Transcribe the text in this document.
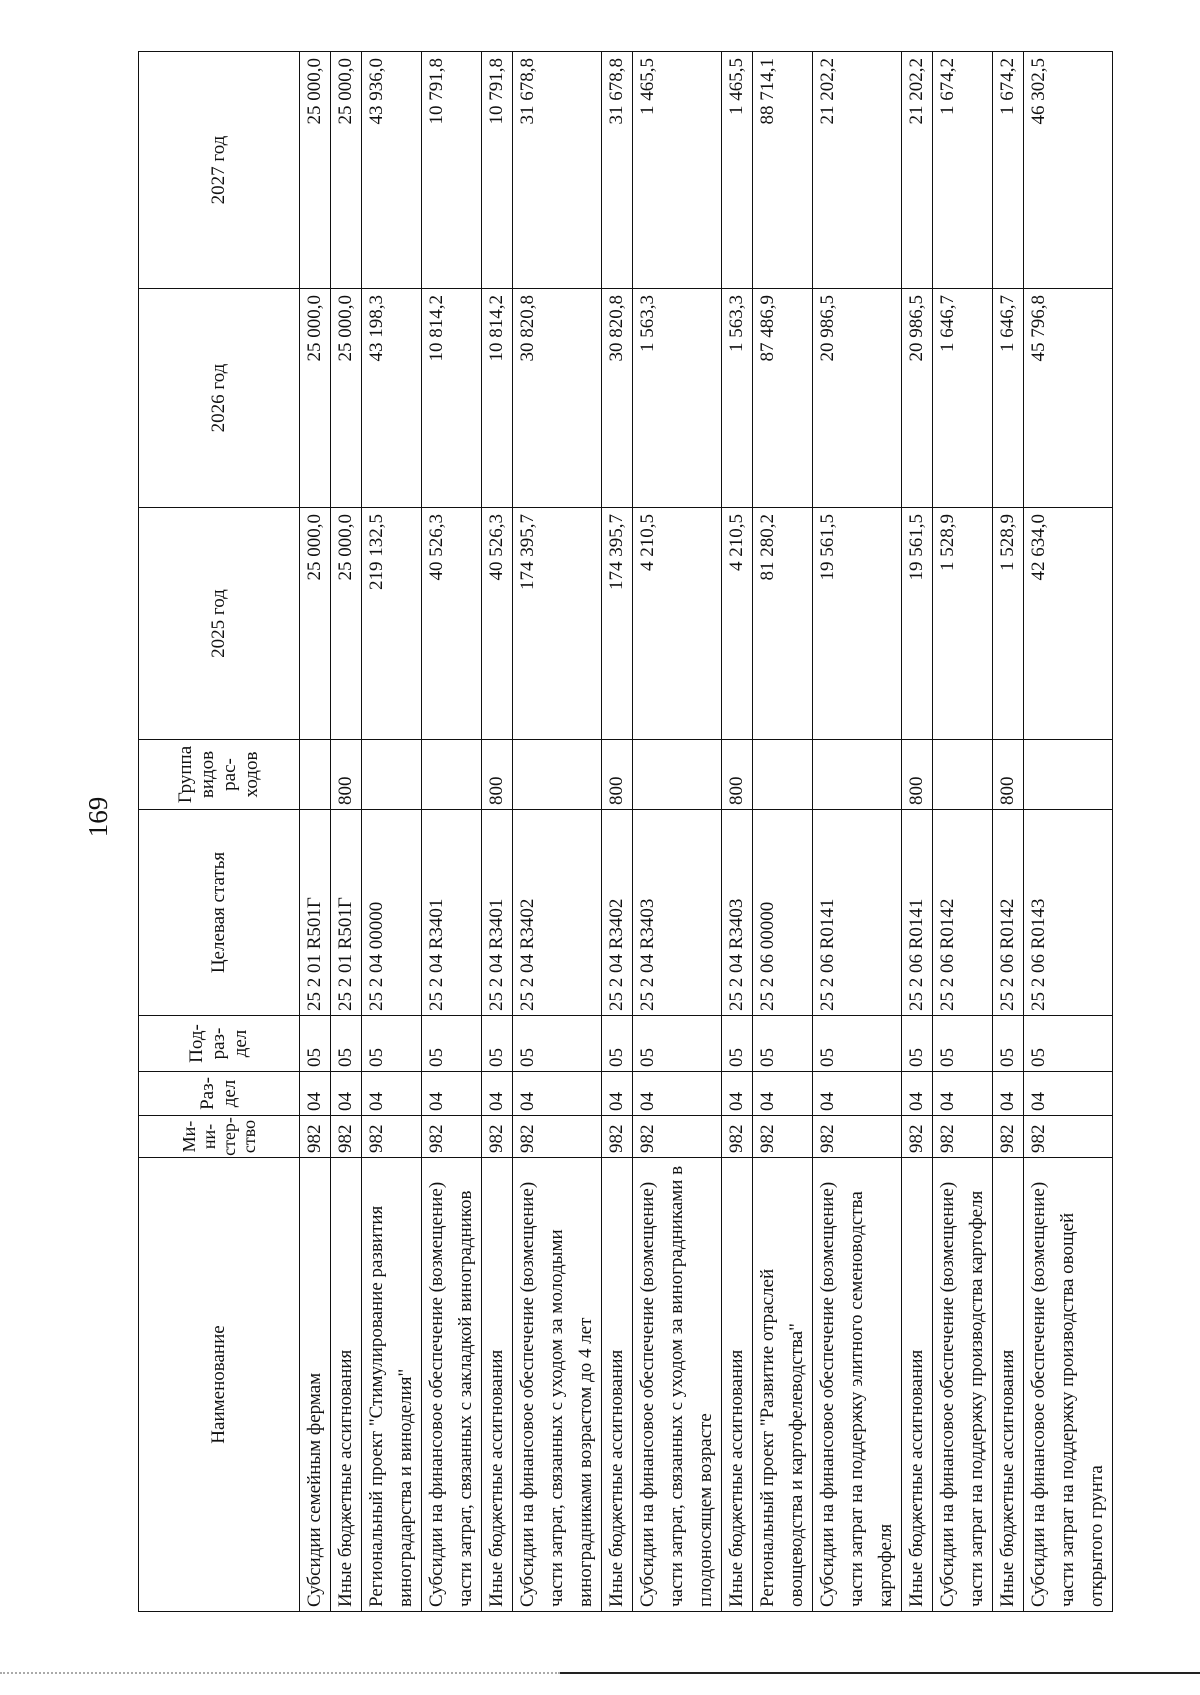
169
Наименование	Ми-
ни-
стер-
ство	Раз-
дел	Под-
раз-
дел	Целевая статья	Группа
видов
рас-
ходов	2025 год	2026 год	2027 год
Субсидии семейным фермам	982	04	05	25 2 01 R501Г		25 000,0	25 000,0	25 000,0
Иные бюджетные ассигнования	982	04	05	25 2 01 R501Г	800	25 000,0	25 000,0	25 000,0
Региональный проект "Стимулирование развития виноградарства и виноделия"	982	04	05	25 2 04 00000		219 132,5	43 198,3	43 936,0
Субсидии на финансовое обеспечение (возмещение) части затрат, связанных с закладкой виноградников	982	04	05	25 2 04 R3401		40 526,3	10 814,2	10 791,8
Иные бюджетные ассигнования	982	04	05	25 2 04 R3401	800	40 526,3	10 814,2	10 791,8
Субсидии на финансовое обеспечение (возмещение) части затрат, связанных с уходом за молодыми виноградниками возрастом до 4 лет	982	04	05	25 2 04 R3402		174 395,7	30 820,8	31 678,8
Иные бюджетные ассигнования	982	04	05	25 2 04 R3402	800	174 395,7	30 820,8	31 678,8
Субсидии на финансовое обеспечение (возмещение) части затрат, связанных с уходом за виноградниками в плодоносящем возрасте	982	04	05	25 2 04 R3403		4 210,5	1 563,3	1 465,5
Иные бюджетные ассигнования	982	04	05	25 2 04 R3403	800	4 210,5	1 563,3	1 465,5
Региональный проект "Развитие отраслей овощеводства и картофелеводства"	982	04	05	25 2 06 00000		81 280,2	87 486,9	88 714,1
Субсидии на финансовое обеспечение (возмещение) части затрат на поддержку элитного семеноводства картофеля	982	04	05	25 2 06 R0141		19 561,5	20 986,5	21 202,2
Иные бюджетные ассигнования	982	04	05	25 2 06 R0141	800	19 561,5	20 986,5	21 202,2
Субсидии на финансовое обеспечение (возмещение) части затрат на поддержку производства картофеля	982	04	05	25 2 06 R0142		1 528,9	1 646,7	1 674,2
Иные бюджетные ассигнования	982	04	05	25 2 06 R0142	800	1 528,9	1 646,7	1 674,2
Субсидии на финансовое обеспечение (возмещение) части затрат на поддержку производства овощей открытого грунта	982	04	05	25 2 06 R0143		42 634,0	45 796,8	46 302,5
